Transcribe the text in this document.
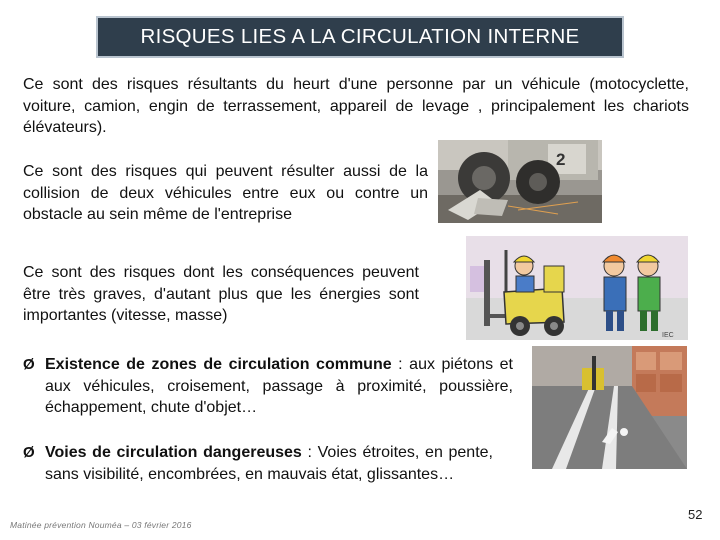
RISQUES LIES A LA CIRCULATION INTERNE

Ce sont des risques résultants du heurt d'une personne par un véhicule (motocyclette, voiture, camion, engin de terrassement, appareil de levage , principalement les chariots élévateurs).

Ce sont des risques qui peuvent résulter aussi de la collision de deux véhicules entre eux ou contre un obstacle au sein même de l'entreprise

Ce sont des risques dont les conséquences peuvent être très graves, d'autant plus que les énergies sont importantes (vitesse, masse)

Ø Existence de zones de circulation commune : aux piétons et aux véhicules, croisement, passage à proximité, poussière, échappement, chute d'objet…
Ø Voies de circulation dangereuses : Voies étroites, en pente, sans visibilité, encombrées, en mauvais état, glissantes…
2
IEC
Matinée prévention Nouméa – 03 février 2016
52
